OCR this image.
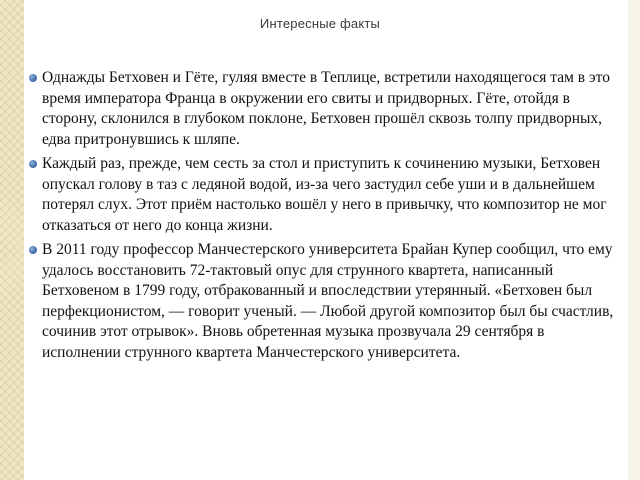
Интересные факты
Однажды Бетховен и Гёте, гуляя вместе в Теплице, встретили находящегося там в это время императора Франца в окружении его свиты и придворных. Гёте, отойдя в сторону, склонился в глубоком поклоне, Бетховен прошёл сквозь толпу придворных, едва притронувшись к шляпе.
Каждый раз, прежде, чем сесть за стол и приступить к сочинению музыки, Бетховен опускал голову в таз с ледяной водой, из-за чего застудил себе уши и в дальнейшем потерял слух. Этот приём настолько вошёл у него в привычку, что композитор не мог отказаться от него до конца жизни.
В 2011 году профессор Манчестерского университета Брайан Купер сообщил, что ему удалось восстановить 72-тактовый опус для струнного квартета, написанный Бетховеном в 1799 году, отбракованный и впоследствии утерянный. «Бетховен был перфекционистом, — говорит ученый. — Любой другой композитор был бы счастлив, сочинив этот отрывок». Вновь обретенная музыка прозвучала 29 сентября в исполнении струнного квартета Манчестерского университета.
